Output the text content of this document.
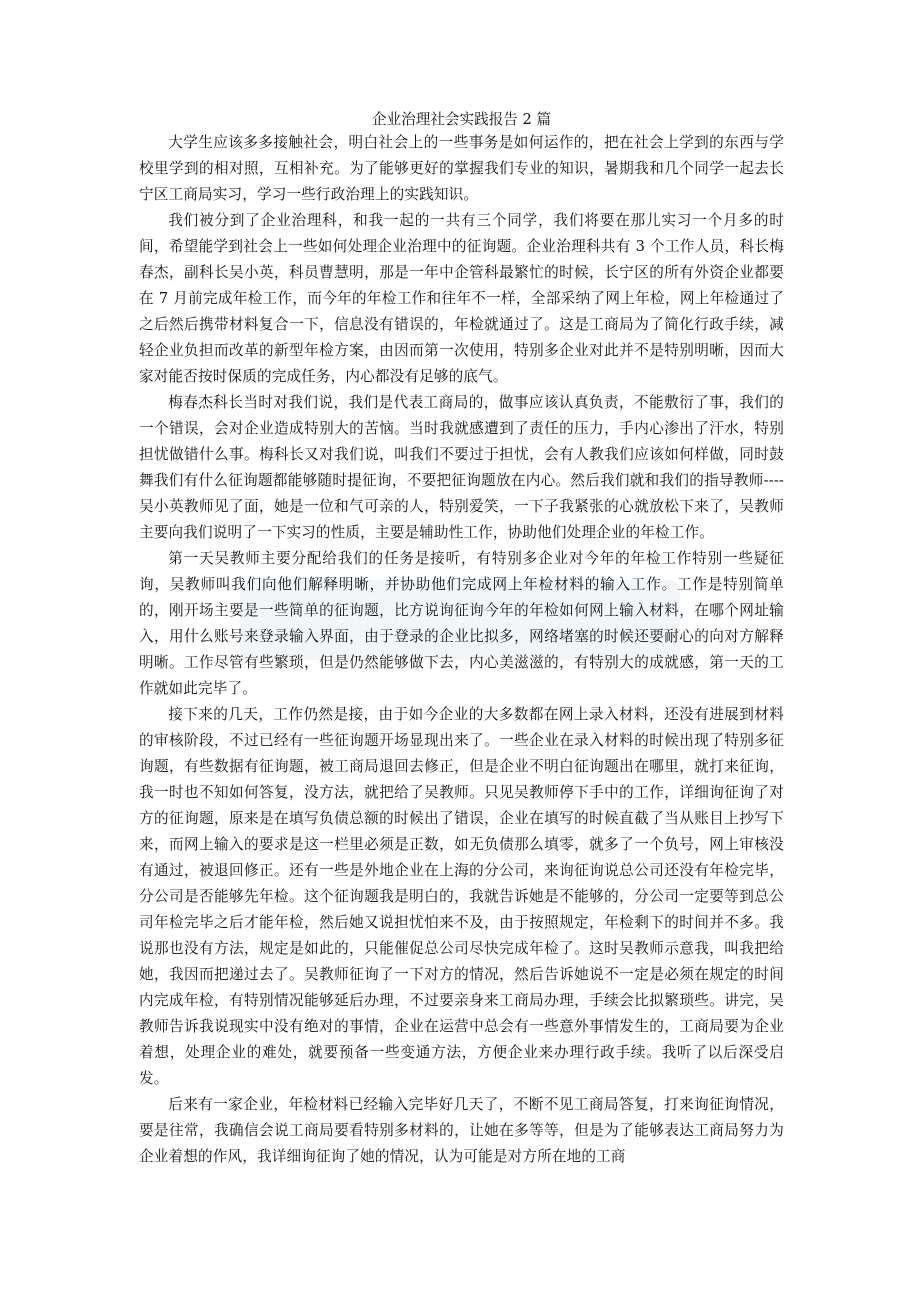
企业治理社会实践报告 2 篇

大学生应该多多接触社会，明白社会上的一些事务是如何运作的，把在社会上学到的东西与学校里学到的相对照，互相补充。为了能够更好的掌握我们专业的知识，暑期我和几个同学一起去长宁区工商局实习，学习一些行政治理上的实践知识。

我们被分到了企业治理科，和我一起的一共有三个同学，我们将要在那儿实习一个月多的时间，希望能学到社会上一些如何处理企业治理中的征询题。企业治理科共有 3 个工作人员，科长梅春杰，副科长吴小英，科员曹慧明，那是一年中企管科最繁忙的时候，长宁区的所有外资企业都要在 7 月前完成年检工作，而今年的年检工作和往年不一样，全部采纳了网上年检，网上年检通过了之后然后携带材料复合一下，信息没有错误的，年检就通过了。这是工商局为了简化行政手续，减轻企业负担而改革的新型年检方案，由因而第一次使用，特别多企业对此并不是特别明晰，因而大家对能否按时保质的完成任务，内心都没有足够的底气。

梅春杰科长当时对我们说，我们是代表工商局的，做事应该认真负责，不能敷衍了事，我们的一个错误，会对企业造成特别大的苦恼。当时我就感遭到了责任的压力，手内心渗出了汗水，特别担忧做错什么事。梅科长又对我们说，叫我们不要过于担忧，会有人教我们应该如何样做，同时鼓舞我们有什么征询题都能够随时提征询，不要把征询题放在内心。然后我们就和我们的指导教师----吴小英教师见了面，她是一位和气可亲的人，特别爱笑，一下子我紧张的心就放松下来了，吴教师主要向我们说明了一下实习的性质，主要是辅助性工作，协助他们处理企业的年检工作。

第一天吴教师主要分配给我们的任务是接听，有特别多企业对今年的年检工作特别一些疑征询，吴教师叫我们向他们解释明晰，并协助他们完成网上年检材料的输入工作。工作是特别简单的，刚开场主要是一些简单的征询题，比方说询征询今年的年检如何网上输入材料，在哪个网址输入，用什么账号来登录输入界面，由于登录的企业比拟多，网络堵塞的时候还要耐心的向对方解释明晰。工作尽管有些繁琐，但是仍然能够做下去，内心美滋滋的，有特别大的成就感，第一天的工作就如此完毕了。

接下来的几天，工作仍然是接，由于如今企业的大多数都在网上录入材料，还没有进展到材料的审核阶段，不过已经有一些征询题开场显现出来了。一些企业在录入材料的时候出现了特别多征询题，有些数据有征询题，被工商局退回去修正，但是企业不明白征询题出在哪里，就打来征询，我一时也不知如何答复，没方法，就把给了吴教师。只见吴教师停下手中的工作，详细询征询了对方的征询题，原来是在填写负债总额的时候出了错误，企业在填写的时候直截了当从账目上抄写下来，而网上输入的要求是这一栏里必须是正数，如无负债那么填零，就多了一个负号，网上审核没有通过，被退回修正。还有一些是外地企业在上海的分公司，来询征询说总公司还没有年检完毕，分公司是否能够先年检。这个征询题我是明白的，我就告诉她是不能够的，分公司一定要等到总公司年检完毕之后才能年检，然后她又说担忧怕来不及，由于按照规定，年检剩下的时间并不多。我说那也没有方法，规定是如此的，只能催促总公司尽快完成年检了。这时吴教师示意我，叫我把给她，我因而把递过去了。吴教师征询了一下对方的情况，然后告诉她说不一定是必须在规定的时间内完成年检，有特别情况能够延后办理，不过要亲身来工商局办理，手续会比拟繁琐些。讲完，吴教师告诉我说现实中没有绝对的事情，企业在运营中总会有一些意外事情发生的，工商局要为企业着想，处理企业的难处，就要预备一些变通方法，方便企业来办理行政手续。我听了以后深受启发。

后来有一家企业，年检材料已经输入完毕好几天了，不断不见工商局答复，打来询征询情况，要是往常，我确信会说工商局要看特别多材料的，让她在多等等，但是为了能够表达工商局努力为企业着想的作风，我详细询征询了她的情况，认为可能是对方所在地的工商
